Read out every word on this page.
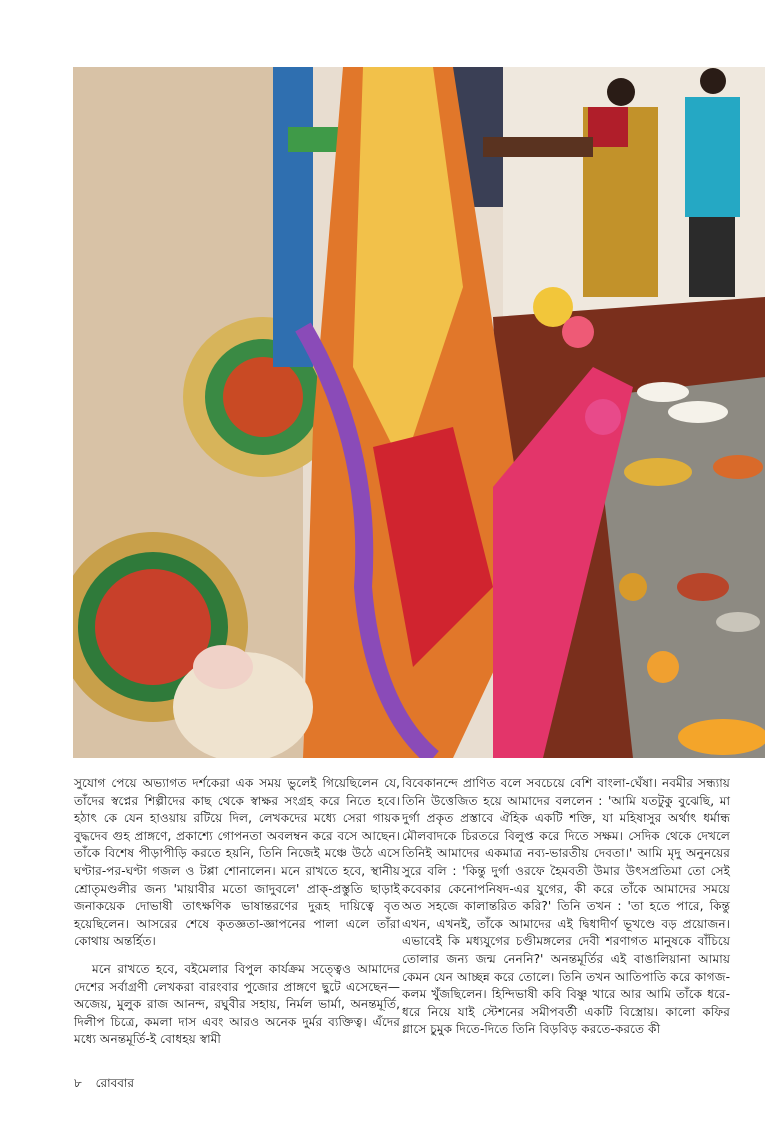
সুযোগ পেয়ে অভ্যাগত দর্শকেরা এক সময় ভুলেই গিয়েছিলেন যে, তাঁদের স্বপ্নের শিল্পীদের কাছ থেকে স্বাক্ষর সংগ্রহ করে নিতে হবে। হঠাৎ কে যেন হাওয়ায় রটিয়ে দিল, লেখকদের মধ্যে সেরা গায়ক বুদ্ধদেব গুহ প্রাঙ্গণে, প্রকাশ্যে গোপনতা অবলম্বন করে বসে আছেন। তাঁকে বিশেষ পীড়াপীড়ি করতে হয়নি, তিনি নিজেই মঞ্চে উঠে এসে ঘণ্টার-পর-ঘণ্টা গজল ও টপ্পা শোনালেন। মনে রাখতে হবে, স্থানীয় শ্রোতৃমণ্ডলীর জন্য 'মায়াবীর মতো জাদুবলে' প্রাক্-প্রস্তুতি ছাড়াই জনাকয়েক দোভাষী তাৎক্ষণিক ভাষান্তরণের দুরূহ দায়িত্বে বৃত হয়েছিলেন। আসরের শেষে কৃতজ্ঞতা-জ্ঞাপনের পালা এলে তাঁরা কোথায় অন্তর্হিত।

মনে রাখতে হবে, বইমেলার বিপুল কার্যক্রম সত্ত্বেও আমাদের দেশের সর্বাগ্রণী লেখকরা বারংবার পুজোর প্রাঙ্গণে ছুটে এসেছেন—অজেয়, মুলুক রাজ আনন্দ, রঘুবীর সহায়, নির্মল ভার্মা, অনন্তমূর্তি, দিলীপ চিত্রে, কমলা দাস এবং আরও অনেক দুর্মর ব্যক্তিত্ব। এঁদের মধ্যে অনন্তমূর্তি-ই বোধহয় স্বামী

বিবেকানন্দে প্রাণিত বলে সবচেয়ে বেশি বাংলা-ঘেঁষা। নবমীর সন্ধ্যায় তিনি উত্তেজিত হয়ে আমাদের বললেন : 'আমি যতটুকু বুঝেছি, মা দুর্গা প্রকৃত প্রস্তাবে ঐহিক একটি শক্তি, যা মহিষাসুর অর্থাৎ ধর্মান্ধ মৌলবাদকে চিরতরে বিলুপ্ত করে দিতে সক্ষম। সেদিক থেকে দেখলে তিনিই আমাদের একমাত্র নব্য-ভারতীয় দেবতা।' আমি মৃদু অনুনয়ের সুরে বলি : 'কিন্তু দুর্গা ওরফে হৈমবতী উমার উৎসপ্রতিমা তো সেই কবেকার কেনোপনিষদ-এর যুগের, কী করে তাঁকে আমাদের সময়ে অত সহজে কালান্তরিত করি?' তিনি তখন : 'তা হতে পারে, কিন্তু এখন, এখনই, তাঁকে আমাদের এই দ্বিধাদীর্ণ ভূখণ্ডে বড় প্রয়োজন। এভাবেই কি মধ্যযুগের চণ্ডীমঙ্গলের দেবী শরণাগত মানুষকে বাঁচিয়ে তোলার জন্য জন্ম নেননি?' অনন্তমূর্তির এই বাঙালিয়ানা আমায় কেমন যেন আচ্ছন্ন করে তোলে। তিনি তখন আতিপাতি করে কাগজ-কলম খুঁজছিলেন। হিন্দিভাষী কবি বিষ্ণু খারে আর আমি তাঁকে ধরে-ধরে নিয়ে যাই স্টেশনের সমীপবর্তী একটি বিস্ত্রোয়। কালো কফির গ্লাসে চুমুক দিতে-দিতে তিনি বিড়বিড় করতে-করতে কী

৮ রোববার
